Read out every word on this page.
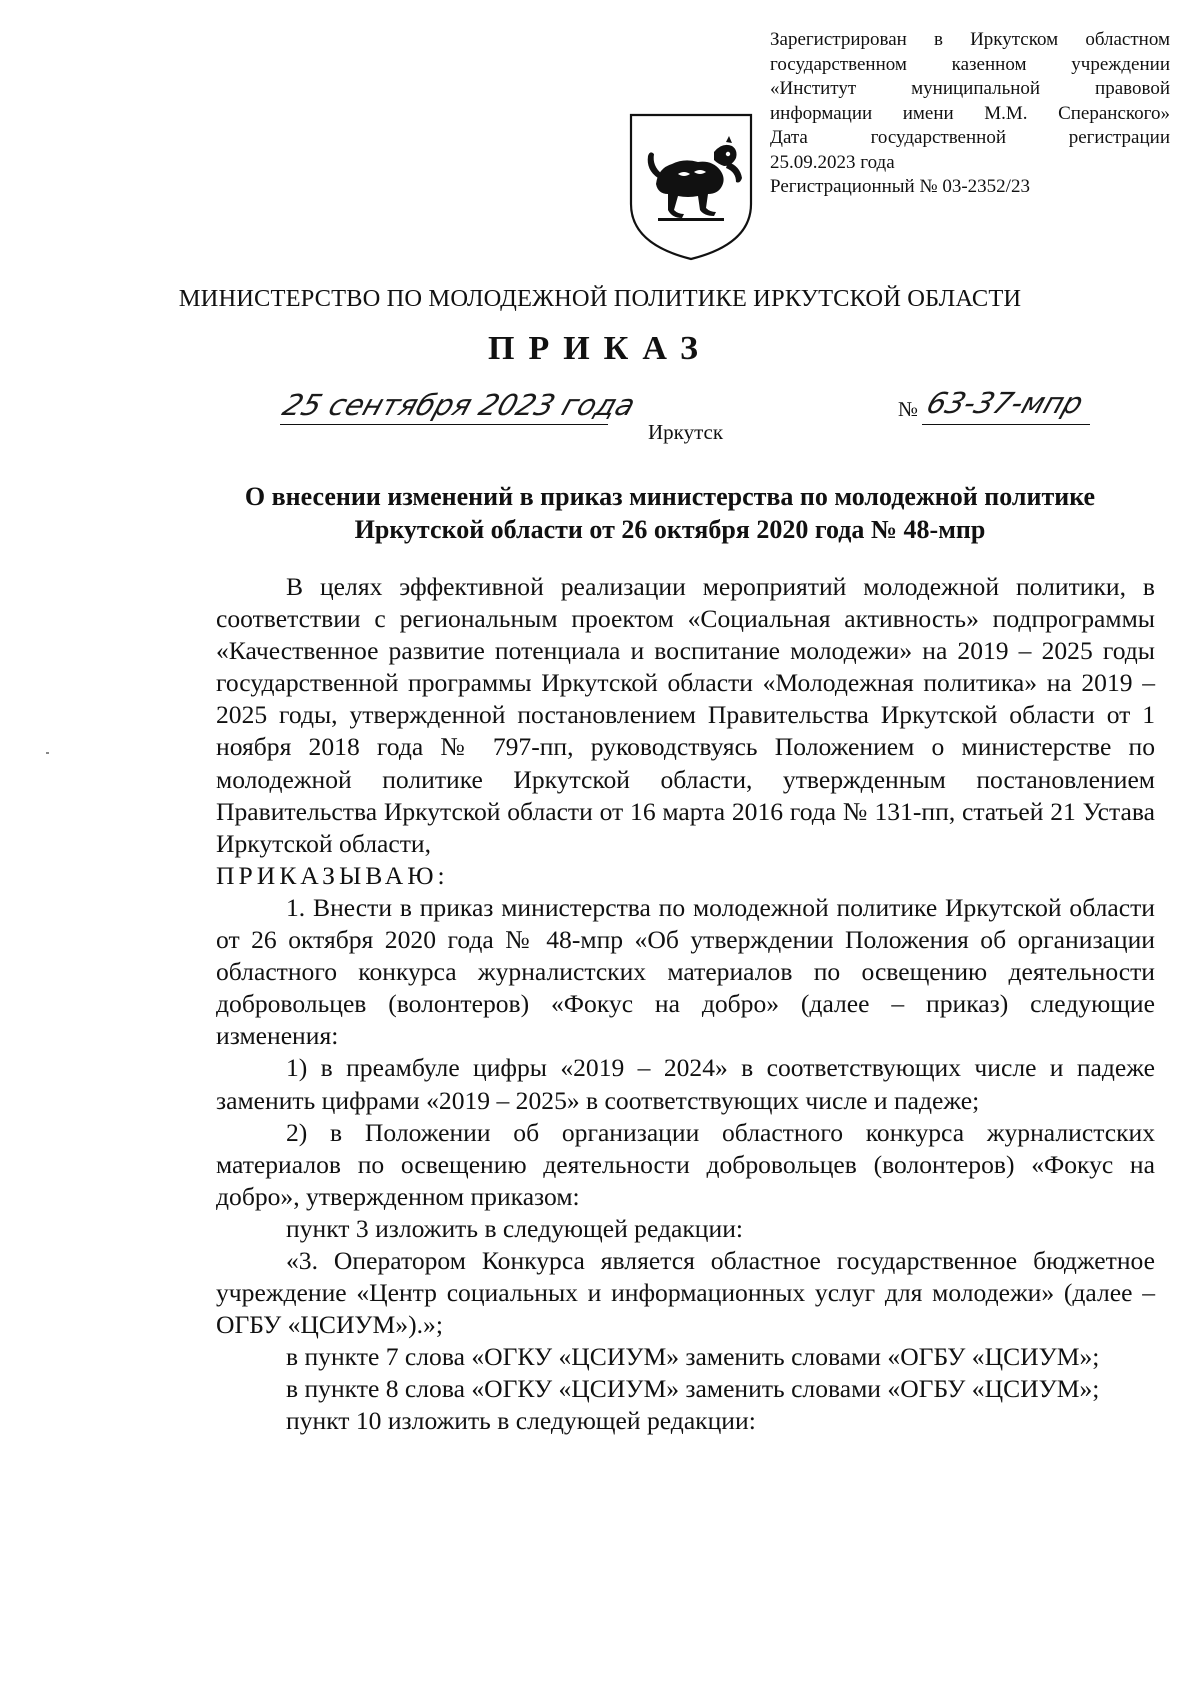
Зарегистрирован в Иркутском областном
государственном казенном учреждении
«Институт муниципальной правовой
информации имени М.М. Сперанского»
Дата государственной регистрации
25.09.2023 года
Регистрационный № 03-2352/23
МИНИСТЕРСТВО ПО МОЛОДЕЖНОЙ ПОЛИТИКЕ ИРКУТСКОЙ ОБЛАСТИ
ПРИКАЗ
25 сентября 2023 года	№ 63-37-мпр
Иркутск
О внесении изменений в приказ министерства по молодежной политике
Иркутской области от 26 октября 2020 года № 48-мпр

В целях эффективной реализации мероприятий молодежной политики, в соответствии с региональным проектом «Социальная активность» подпрограммы «Качественное развитие потенциала и воспитание молодежи» на 2019 – 2025 годы государственной программы Иркутской области «Молодежная политика» на 2019 – 2025 годы, утвержденной постановлением Правительства Иркутской области от 1 ноября 2018 года № 797-пп, руководствуясь Положением о министерстве по молодежной политике Иркутской области, утвержденным постановлением Правительства Иркутской области от 16 марта 2016 года № 131-пп, статьей 21 Устава Иркутской области,

ПРИКАЗЫВАЮ:

1. Внести в приказ министерства по молодежной политике Иркутской области от 26 октября 2020 года № 48-мпр «Об утверждении Положения об организации областного конкурса журналистских материалов по освещению деятельности добровольцев (волонтеров) «Фокус на добро» (далее – приказ) следующие изменения:

1) в преамбуле цифры «2019 – 2024» в соответствующих числе и падеже заменить цифрами «2019 – 2025» в соответствующих числе и падеже;

2) в Положении об организации областного конкурса журналистских материалов по освещению деятельности добровольцев (волонтеров) «Фокус на добро», утвержденном приказом:

пункт 3 изложить в следующей редакции:

«3. Оператором Конкурса является областное государственное бюджетное учреждение «Центр социальных и информационных услуг для молодежи» (далее – ОГБУ «ЦСИУМ»).»;

в пункте 7 слова «ОГКУ «ЦСИУМ» заменить словами «ОГБУ «ЦСИУМ»;

в пункте 8 слова «ОГКУ «ЦСИУМ» заменить словами «ОГБУ «ЦСИУМ»;

пункт 10 изложить в следующей редакции:
